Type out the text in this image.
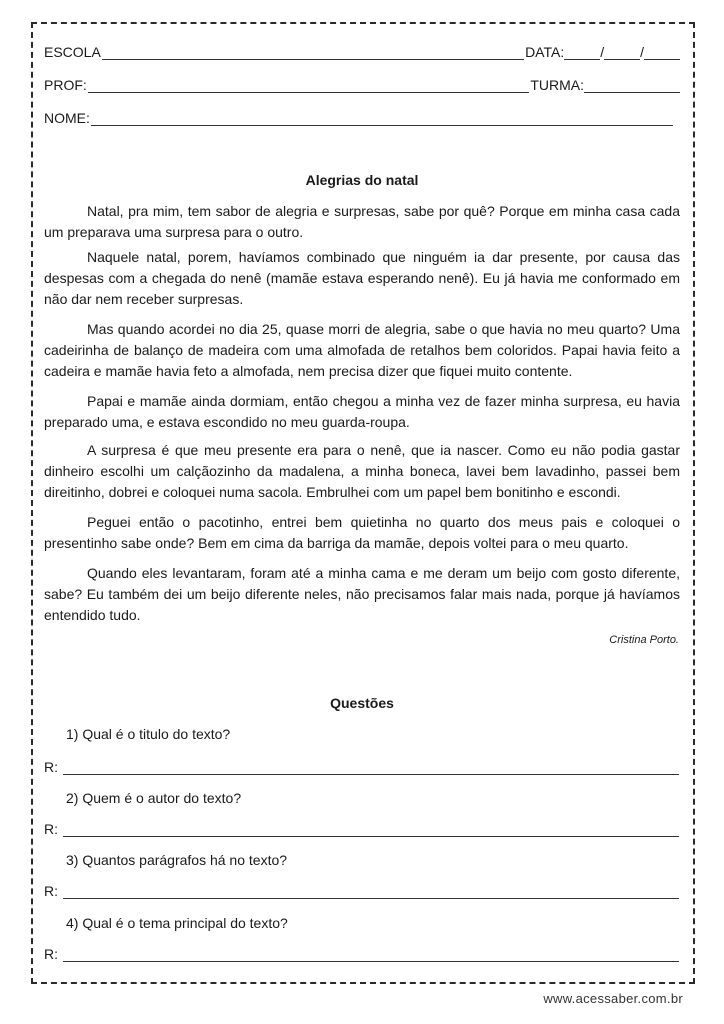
ESCOLA	DATA:	/	/
PROF:	TURMA:
NOME:
Alegrias do natal

Natal, pra mim, tem sabor de alegria e surpresas, sabe por quê? Porque em minha casa cada um preparava uma surpresa para o outro.

Naquele natal, porem, havíamos combinado que ninguém ia dar presente, por causa das despesas com a chegada do nenê (mamãe estava esperando nenê). Eu já havia me conformado em não dar nem receber surpresas.

Mas quando acordei no dia 25, quase morri de alegria, sabe o que havia no meu quarto? Uma cadeirinha de balanço de madeira com uma almofada de retalhos bem coloridos. Papai havia feito a cadeira e mamãe havia feto a almofada, nem precisa dizer que fiquei muito contente.

Papai e mamãe ainda dormiam, então chegou a minha vez de fazer minha surpresa, eu havia preparado uma, e estava escondido no meu guarda-roupa.

A surpresa é que meu presente era para o nenê, que ia nascer. Como eu não podia gastar dinheiro escolhi um calçãozinho da madalena, a minha boneca, lavei bem lavadinho, passei bem direitinho, dobrei e coloquei numa sacola. Embrulhei com um papel bem bonitinho e escondi.

Peguei então o pacotinho, entrei bem quietinha no quarto dos meus pais e coloquei o presentinho sabe onde? Bem em cima da barriga da mamãe, depois voltei para o meu quarto.

Quando eles levantaram, foram até a minha cama e me deram um beijo com gosto diferente, sabe? Eu também dei um beijo diferente neles, não precisamos falar mais nada, porque já havíamos entendido tudo.

Cristina Porto.
Questões
1) Qual é o titulo do texto?
R:
2) Quem é o autor do texto?
R:
3) Quantos parágrafos há no texto?
R:
4) Qual é o tema principal do texto?
R:
www.acessaber.com.br
